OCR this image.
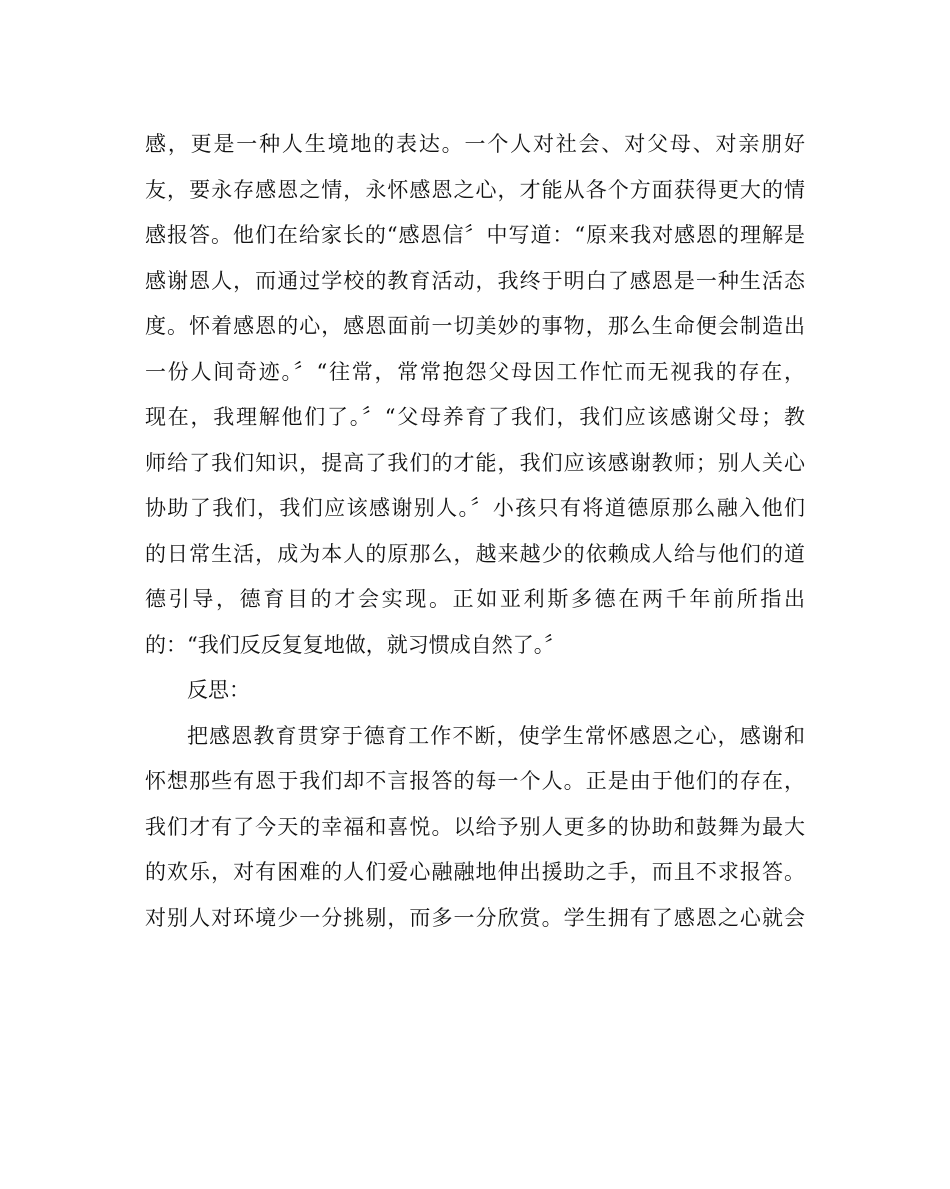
感，更是一种人生境地的表达。一个人对社会、对父母、对亲朋好
友，要永存感恩之情，永怀感恩之心，才能从各个方面获得更大的情
感报答。他们在给家长的“感恩信〞中写道：“原来我对感恩的理解是
感谢恩人，而通过学校的教育活动，我终于明白了感恩是一种生活态
度。怀着感恩的心，感恩面前一切美妙的事物，那么生命便会制造出
一份人间奇迹。〞“往常，常常抱怨父母因工作忙而无视我的存在，
现在，我理解他们了。〞“父母养育了我们，我们应该感谢父母；教
师给了我们知识，提高了我们的才能，我们应该感谢教师；别人关心
协助了我们，我们应该感谢别人。〞小孩只有将道德原那么融入他们
的日常生活，成为本人的原那么，越来越少的依赖成人给与他们的道
德引导，德育目的才会实现。正如亚利斯多德在两千年前所指出
的：“我们反反复复地做，就习惯成自然了。〞
反思：
把感恩教育贯穿于德育工作不断，使学生常怀感恩之心，感谢和
怀想那些有恩于我们却不言报答的每一个人。正是由于他们的存在，
我们才有了今天的幸福和喜悦。以给予别人更多的协助和鼓舞为最大
的欢乐，对有困难的人们爱心融融地伸出援助之手，而且不求报答。
对别人对环境少一分挑剔，而多一分欣赏。学生拥有了感恩之心就会
